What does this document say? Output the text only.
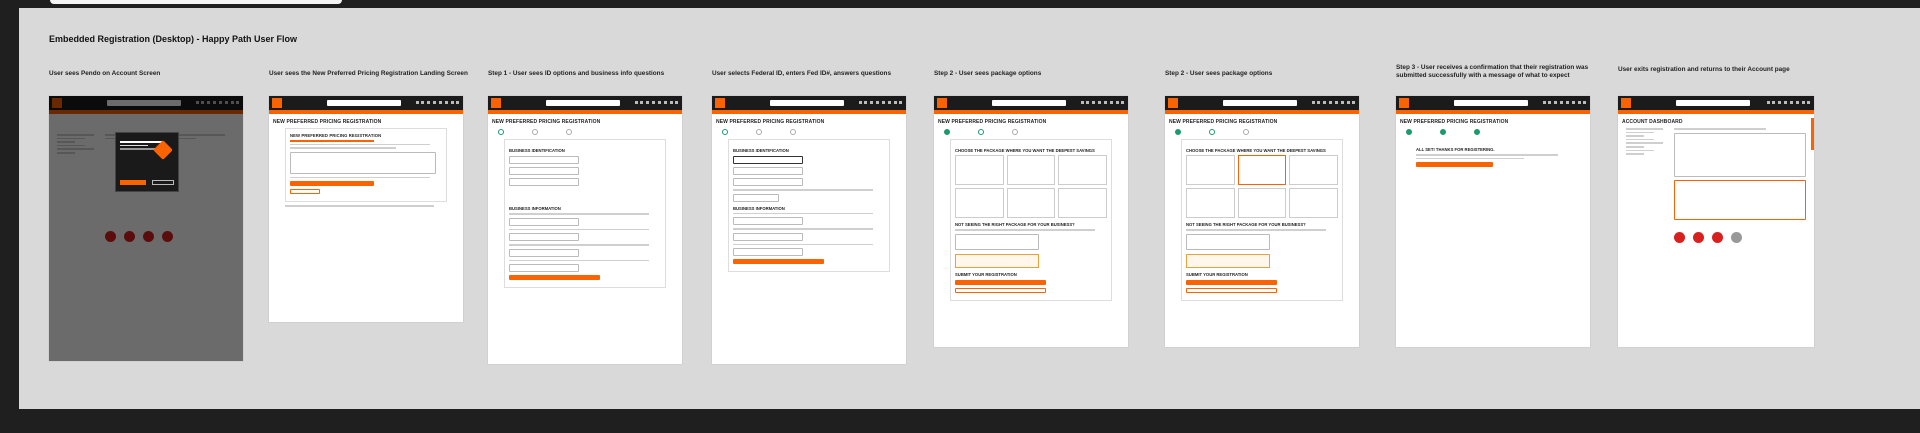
Embedded Registration (Desktop) - Happy Path User Flow
User sees Pendo on Account Screen	User sees the New Preferred Pricing Registration Landing Screen	Step 1 - User sees ID options and business info questions	User selects Federal ID, enters Fed ID#, answers questions	Step 2 - User sees package options	Step 2 - User sees package options
Step 3 - User receives a confirmation that their registration was submitted successfully with a message of what to expect
User exits registration and returns to their Account page
NEW PREFERRED PRICING REGISTRATION
NEW PREFERRED PRICING REGISTRATION
NEW PREFERRED PRICING REGISTRATION
BUSINESS IDENTIFICATION
BUSINESS INFORMATION
NEW PREFERRED PRICING REGISTRATION
BUSINESS IDENTIFICATION
BUSINESS INFORMATION
NEW PREFERRED PRICING REGISTRATION
CHOOSE THE PACKAGE WHERE YOU WANT THE DEEPEST SAVINGS
NOT SEEING THE RIGHT PACKAGE FOR YOUR BUSINESS?
SUBMIT YOUR REGISTRATION
NEW PREFERRED PRICING REGISTRATION
CHOOSE THE PACKAGE WHERE YOU WANT THE DEEPEST SAVINGS
NOT SEEING THE RIGHT PACKAGE FOR YOUR BUSINESS?
SUBMIT YOUR REGISTRATION
NEW PREFERRED PRICING REGISTRATION
ALL SET! THANKS FOR REGISTERING.
ACCOUNT DASHBOARD
